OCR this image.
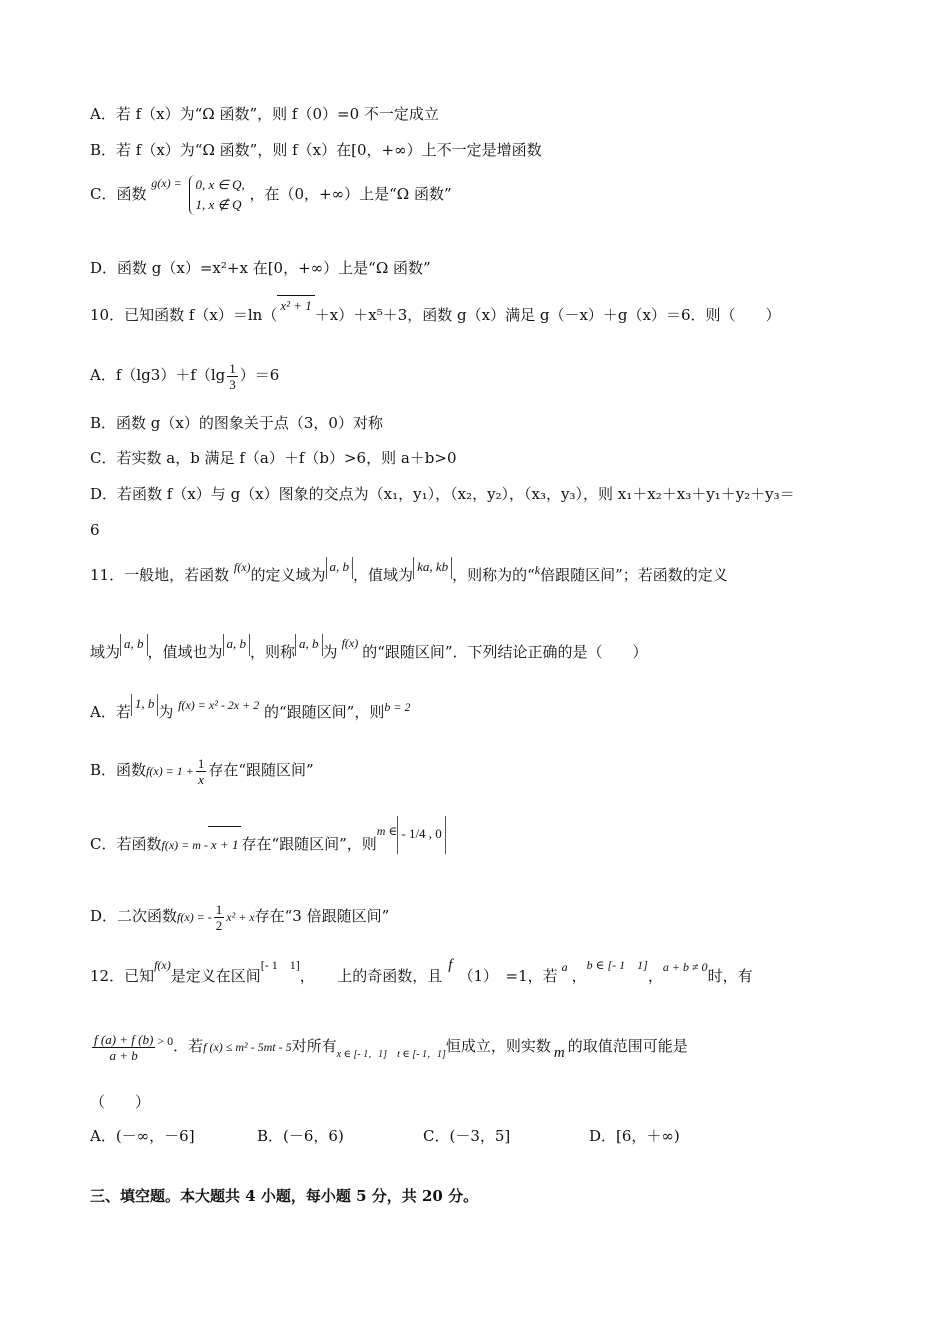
A．若 f（x）为“Ω 函数”，则 f（0）=0 不一定成立
B．若 f（x）为“Ω 函数”，则 f（x）在[0，+∞）上不一定是增函数
C．函数 $^{g(x) =}$ 0, x ∈ Q,
1, x ∉ Q
，在（0，+∞）上是“Ω 函数”
D．函数 g（x）=x²+x 在[0，+∞）上是“Ω 函数”
10．已知函数 f（x）＝ln（x² + 1＋x）＋x⁵＋3，函数 g（x）满足 g（－x）＋g（x）＝6．则（　　）
A．$f(\lg 3)+f(\lg \frac{1}{3} )=6$
B．函数 g（x）的图象关于点（3，0）对称
C．若实数 a，b 满足 f（a）＋f（b）>6，则 a＋b>0
D．若函数 f（x）与 g（x）图象的交点为（x₁，y₁），（x₂，y₂），（x₃，y₃），则 x₁＋x₂＋x₃＋y₁＋y₂＋y₃＝
6
11．一般地，若函数 $^{f(x)}$的定义域为 a, b ，值域为 ka, kb ，则称为的“$^k$倍跟随区间”；若函数的定义
域为 a, b ，值域也为 a, b ，则称 a, b 为 $^{f(x)}$ 的“跟随区间”．下列结论正确的是（　　）
A．若 1, b 为 $^{f(x) = x^2 - 2x + 2}$ 的“跟随区间”，则$^{b = 2}$
B．函数$f(x) = 1 + \frac{1}{x}$ 存在“跟随区间”
C．若函数f(x) = m - x + 1 存在“跟随区间”，则$^{m \in}$ - 1/4 , 0
D．二次函数f(x) = - $\frac{1}{2} x^2 + x$存在“3 倍跟随区间”
12．已知$^{f(x)}$是定义在区间[- 1　1]，　　上的奇函数，且f（1）　=1，若 $^a$ ，$^{b \in [- 1 1]}$，$^{a + b \ne 0}$时，有
$\frac{f (a) + f (b)}{a + b} ^{> 0}$．若f (x) ≤ m² - 5mt - 5对所有$_{x \in [- 1,1]}$ $_{t \in [- 1,1]}$恒成立，则实数 m 的取值范围可能是
（　　）
A．(－∞，－6]	B．(－6，6)	C．(－3，5]	D．[6，＋∞)
三、填空题。本大题共 4 小题，每小题 5 分，共 20 分。
